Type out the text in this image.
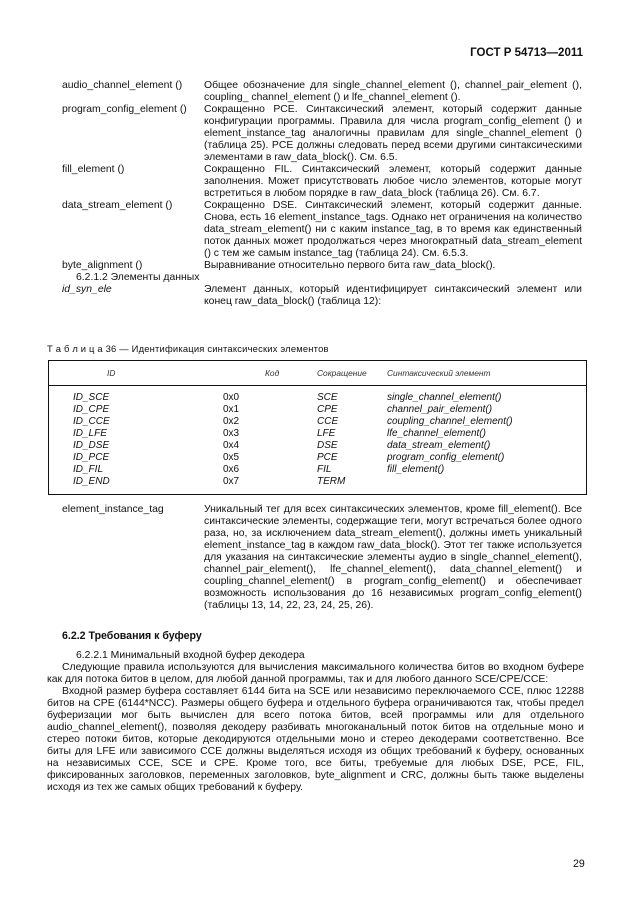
ГОСТ Р 54713—2011
audio_channel_element ()	Общее обозначение для single_channel_element (), channel_pair_element (), coupling_ channel_element () и lfe_channel_element ().
program_config_element ()	Сокращенно PCE. Синтаксический элемент, который содержит данные конфигурации программы. Правила для числа program_config_element () и element_instance_tag аналогичны правилам для single_channel_element () (таблица 25). PCE должны следовать перед всеми другими синтаксическими элементами в raw_data_block(). См. 6.5.
fill_element ()	Сокращенно FIL. Синтаксический элемент, который содержит данные заполнения. Может присутствовать любое число элементов, которые могут встретиться в любом порядке в raw_data_block (таблица 26). См. 6.7.
data_stream_element ()	Сокращенно DSE. Синтаксический элемент, который содержит данные. Снова, есть 16 element_instance_tags. Однако нет ограничения на количество data_stream_element() ни с каким instance_tag, в то время как единственный поток данных может продолжаться через многократный data_stream_element () с тем же самым instance_tag (таблица 24). См. 6.5.3.
byte_alignment ()	Выравнивание относительно первого бита raw_data_block().

6.2.1.2 Элементы данных

id_syn_ele	Элемент данных, который идентифицирует синтаксический элемент или конец raw_data_block() (таблица 12):
Т а б л и ц а 36 — Идентификация синтаксических элементов
ID	Код	Сокращение	Синтаксический элемент
ID_SCE	0x0	SCE	single_channel_element()
ID_CPE	0x1	CPE	channel_pair_element()
ID_CCE	0x2	CCE	coupling_channel_element()
ID_LFE	0x3	LFE	lfe_channel_element()
ID_DSE	0x4	DSE	data_stream_element()
ID_PCE	0x5	PCE	program_config_element()
ID_FIL	0x6	FIL	fill_element()
ID_END	0x7	TERM	
element_instance_tag	Уникальный тег для всех синтаксических элементов, кроме fill_element(). Все синтаксические элементы, содержащие теги, могут встречаться более одного раза, но, за исключением data_stream_element(), должны иметь уникальный element_instance_tag в каждом raw_data_block(). Этот тег также используется для указания на синтаксические элементы аудио в single_channel_element(), channel_pair_element(), lfe_channel_element(), data_channel_element() и coupling_channel_element() в program_config_element() и обеспечивает возможность использования до 16 независимых program_config_element() (таблицы 13, 14, 22, 23, 24, 25, 26).
6.2.2 Требования к буферу

6.2.2.1 Минимальный входной буфер декодера

Следующие правила используются для вычисления максимального количества битов во входном буфере как для потока битов в целом, для любой данной программы, так и для любого данного SCE/CPE/CCE:

Входной размер буфера составляет 6144 бита на SCE или независимо переключаемого CCE, плюс 12288 битов на CPE (6144*NCC). Размеры общего буфера и отдельного буфера ограничиваются так, чтобы предел буферизации мог быть вычислен для всего потока битов, всей программы или для отдельного audio_channel_element(), позволяя декодеру разбивать многоканальный поток битов на отдельные моно и стерео потоки битов, которые декодируются отдельными моно и стерео декодерами соответственно. Все биты для LFE или зависимого CCE должны выделяться исходя из общих требований к буферу, основанных на независимых CCE, SCE и CPE. Кроме того, все биты, требуемые для любых DSE, PCE, FIL, фиксированных заголовков, переменных заголовков, byte_alignment и CRC, должны быть также выделены исходя из тех же самых общих требований к буферу.

29
